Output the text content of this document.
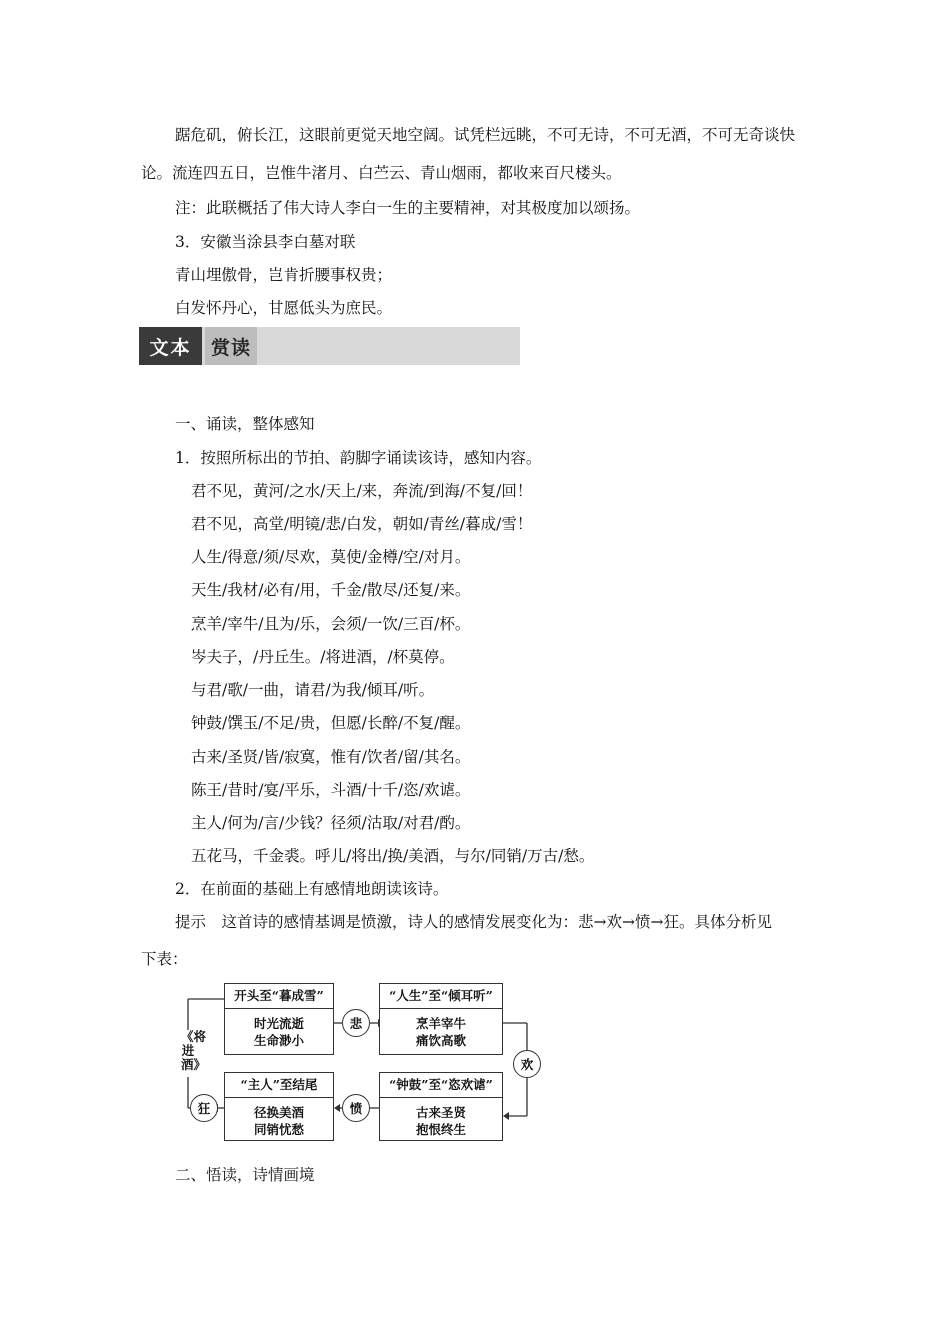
踞危矶，俯长江，这眼前更觉天地空阔。试凭栏远眺，不可无诗，不可无酒，不可无奇谈快
论。流连四五日，岂惟牛渚月、白苎云、青山烟雨，都收来百尺楼头。
注：此联概括了伟大诗人李白一生的主要精神，对其极度加以颂扬。
3．安徽当涂县李白墓对联
青山埋傲骨，岂肯折腰事权贵；
白发怀丹心，甘愿低头为庶民。
文本	赏读
一、诵读，整体感知
1．按照所标出的节拍、韵脚字诵读该诗，感知内容。
君不见，黄河/之水/天上/来，奔流/到海/不复/回！
君不见，高堂/明镜/悲/白发，朝如/青丝/暮成/雪！
人生/得意/须/尽欢，莫使/金樽/空/对月。
天生/我材/必有/用，千金/散尽/还复/来。
烹羊/宰牛/且为/乐，会须/一饮/三百/杯。
岑夫子，/丹丘生。/将进酒，/杯莫停。
与君/歌/一曲，请君/为我/倾耳/听。
钟鼓/馔玉/不足/贵，但愿/长醉/不复/醒。
古来/圣贤/皆/寂寞，惟有/饮者/留/其名。
陈王/昔时/宴/平乐，斗酒/十千/恣/欢谑。
主人/何为/言/少钱？径须/沽取/对君/酌。
五花马，千金裘。呼儿/将出/换/美酒，与尔/同销/万古/愁。
2．在前面的基础上有感情地朗读该诗。
提示　这首诗的感情基调是愤激，诗人的感情发展变化为：悲→欢→愤→狂。具体分析见
下表：
《将进酒》
开头至“暮成雪”
时光流逝
生命渺小
悲
“人生”至“倾耳听”
烹羊宰牛
痛饮高歌
欢
“钟鼓”至“恣欢谑”
古来圣贤
抱恨终生
愤
“主人”至结尾
径换美酒
同销忧愁
狂
二、悟读，诗情画境
